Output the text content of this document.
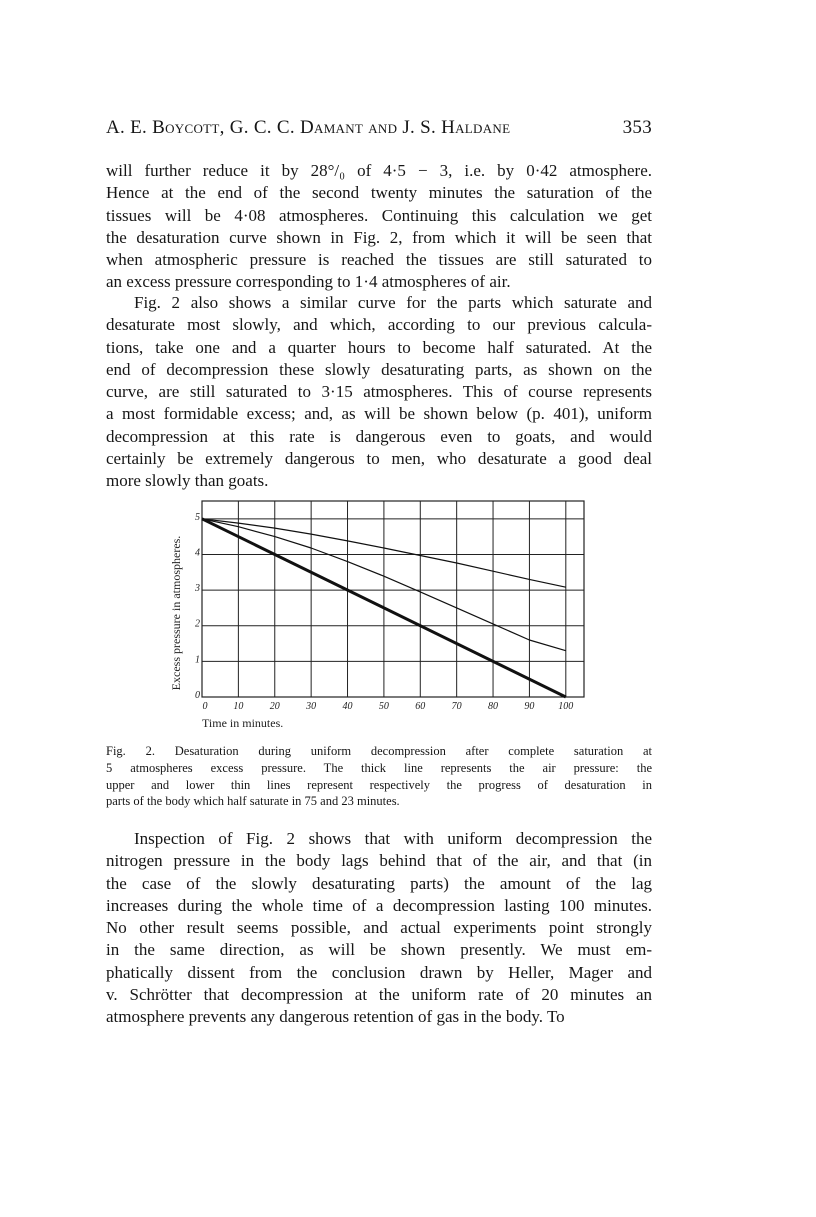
A. E. Boycott, G. C. C. Damant and J. S. Haldane	353
will further reduce it by 28°/₀ of 4·5 − 3, i.e. by 0·42 atmosphere.
Hence at the end of the second twenty minutes the saturation of the
tissues will be 4·08 atmospheres. Continuing this calculation we get
the desaturation curve shown in Fig. 2, from which it will be seen that
when atmospheric pressure is reached the tissues are still saturated to
an excess pressure corresponding to 1·4 atmospheres of air.
Fig. 2 also shows a similar curve for the parts which saturate and
desaturate most slowly, and which, according to our previous calcula-
tions, take one and a quarter hours to become half saturated. At the
end of decompression these slowly desaturating parts, as shown on the
curve, are still saturated to 3·15 atmospheres. This of course represents
a most formidable excess; and, as will be shown below (p. 401), uniform
decompression at this rate is dangerous even to goats, and would
certainly be extremely dangerous to men, who desaturate a good deal
more slowly than goats.
0	10	20	30	40	50	60	70	80	90 100
0
1
2
3
4
5
Excess pressure in atmospheres.
Time in minutes.
Fig. 2. Desaturation during uniform decompression after complete saturation at
5 atmospheres excess pressure. The thick line represents the air pressure: the
upper and lower thin lines represent respectively the progress of desaturation in
parts of the body which half saturate in 75 and 23 minutes.
Inspection of Fig. 2 shows that with uniform decompression the
nitrogen pressure in the body lags behind that of the air, and that (in
the case of the slowly desaturating parts) the amount of the lag
increases during the whole time of a decompression lasting 100 minutes.
No other result seems possible, and actual experiments point strongly
in the same direction, as will be shown presently. We must em-
phatically dissent from the conclusion drawn by Heller, Mager and
v. Schrötter that decompression at the uniform rate of 20 minutes an
atmosphere prevents any dangerous retention of gas in the body. To
